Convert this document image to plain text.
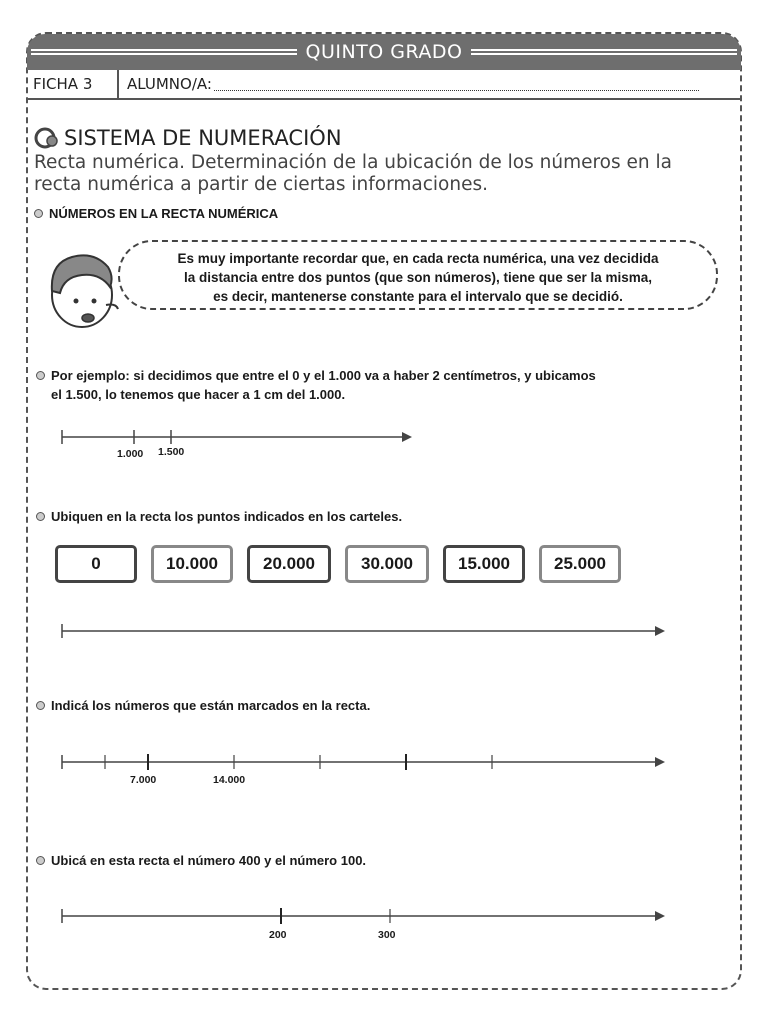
QUINTO GRADO
FICHA 3	ALUMNO/A:
SISTEMA DE NUMERACIÓN
Recta numérica. Determinación de la ubicación de los números en la recta numérica a partir de ciertas informaciones.
NÚMEROS EN LA RECTA NUMÉRICA
Es muy importante recordar que, en cada recta numérica, una vez decidida
la distancia entre dos puntos (que son números), tiene que ser la misma,
es decir, mantenerse constante para el intervalo que se decidió.
Por ejemplo: si decidimos que entre el 0 y el 1.000 va a haber 2 centímetros, y ubicamos
el 1.500, lo tenemos que hacer a 1 cm del 1.000.
1.000 1.500
Ubiquen en la recta los puntos indicados en los carteles.
0	10.000	20.000	30.000	15.000	25.000
Indicá los números que están marcados en la recta.
7.000	14.000
Ubicá en esta recta el número 400 y el número 100.
200	300
